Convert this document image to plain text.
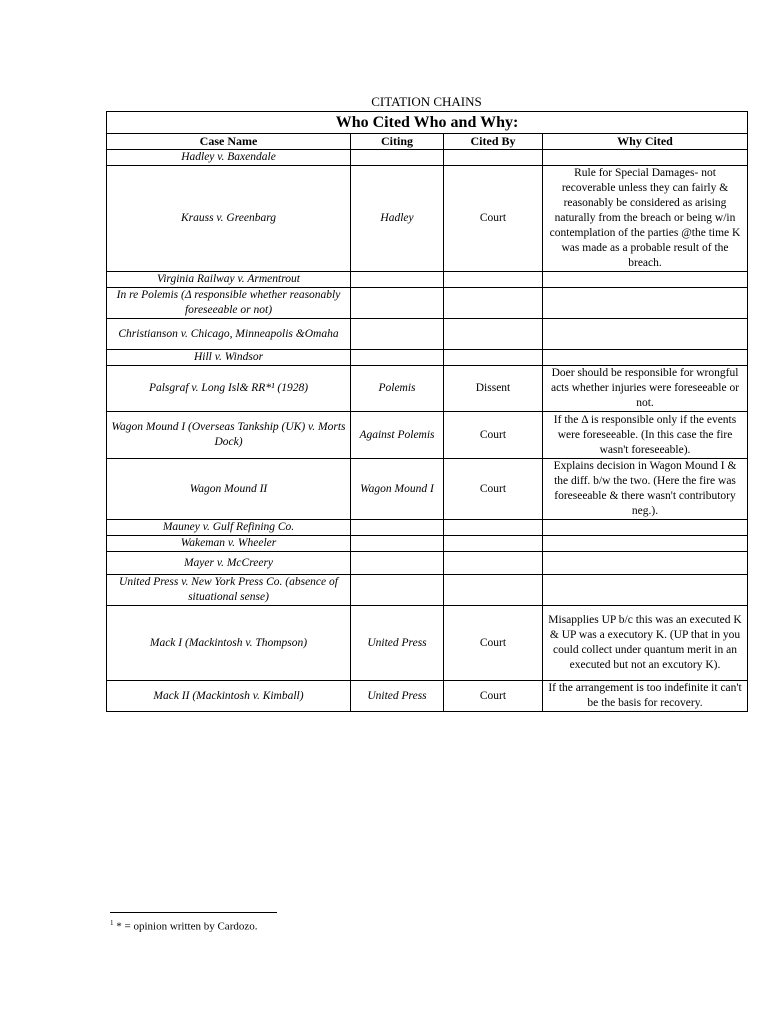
CITATION CHAINS
Who Cited Who and Why:			
Case Name	Citing	Cited By	Why Cited
Hadley v. Baxendale			
Krauss v. Greenbarg	Hadley	Court	Rule for Special Damages- not recoverable unless they can fairly & reasonably be considered as arising naturally from the breach or being w/in contemplation of the parties @the time K was made as a probable result of the breach.
Virginia Railway v. Armentrout			
In re Polemis (Δ responsible whether reasonably foreseeable or not)			
Christianson v. Chicago, Minneapolis &Omaha			
Hill v. Windsor			
Palsgraf v. Long Isl& RR*¹ (1928)	Polemis	Dissent	Doer should be responsible for wrongful acts whether injuries were foreseeable or not.
Wagon Mound I (Overseas Tankship (UK) v. Morts Dock)	Against Polemis	Court	If the Δ is responsible only if the events were foreseeable. (In this case the fire wasn't foreseeable).
Wagon Mound II	Wagon Mound I	Court	Explains decision in Wagon Mound I & the diff. b/w the two. (Here the fire was foreseeable & there wasn't contributory neg.).
Mauney v. Gulf Refining Co.			
Wakeman v. Wheeler			
Mayer v. McCreery			
United Press v. New York Press Co. (absence of situational sense)			
Mack I (Mackintosh v. Thompson)	United Press	Court	Misapplies UP b/c this was an executed K & UP was a executory K. (UP that in you could collect under quantum merit in an executed but not an excutory K).
Mack II (Mackintosh v. Kimball)	United Press	Court	If the arrangement is too indefinite it can't be the basis for recovery.
$^1$ * = opinion written by Cardozo.
